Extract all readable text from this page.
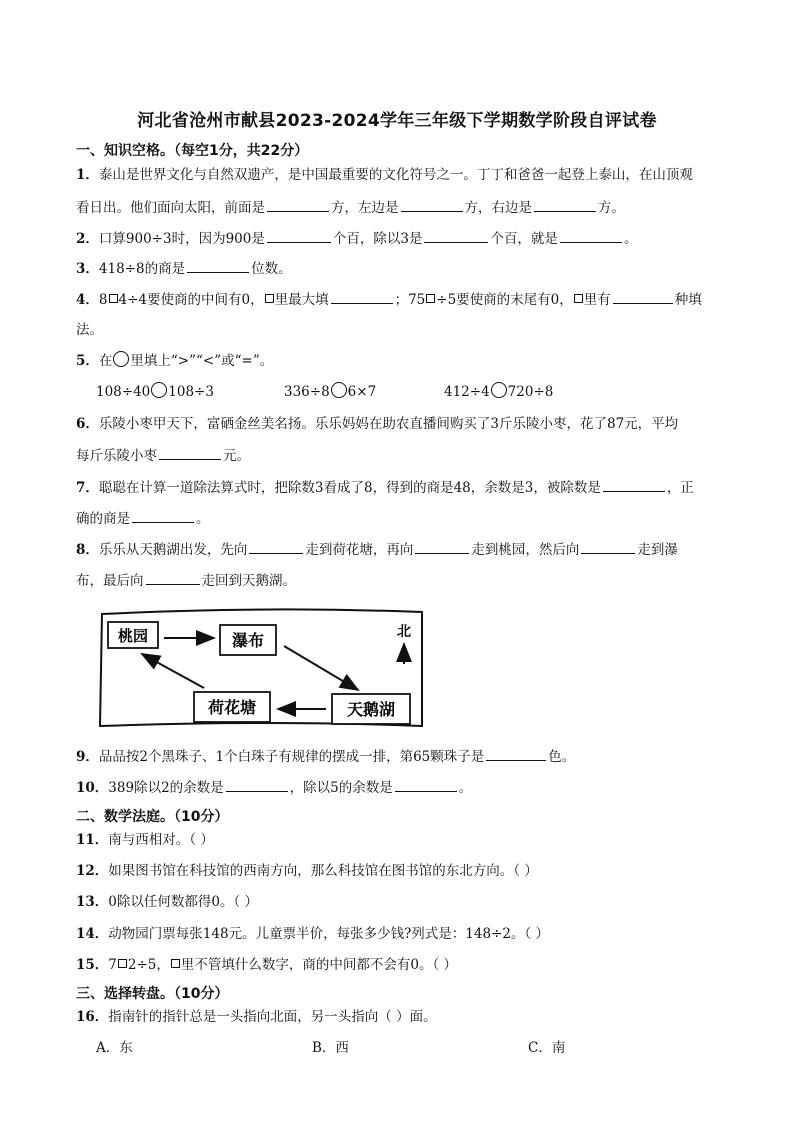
河北省沧州市献县2023-2024学年三年级下学期数学阶段自评试卷
一、知识空格。（每空1分，共22分）
1．泰山是世界文化与自然双遗产，是中国最重要的文化符号之一。丁丁和爸爸一起登上泰山，在山顶观
看日出。他们面向太阳，前面是	方，左边是	方，右边是	方。
2．口算900÷3时，因为900是	个百，除以3是	个百，就是	。
3．418÷8的商是	位数。
4．8 4÷4要使商的中间有0， 里最大填	；75 ÷5要使商的末尾有0， 里有	种填
法。
5．在 里填上“>”“<”或“=”。
108÷40 108÷3	336÷8 6×7	412÷4 720÷8
6．乐陵小枣甲天下，富硒金丝美名扬。乐乐妈妈在助农直播间购买了3斤乐陵小枣，花了87元，平均
每斤乐陵小枣	元。
7．聪聪在计算一道除法算式时，把除数3看成了8，得到的商是48，余数是3，被除数是	，正
确的商是	。
8．乐乐从天鹅湖出发，先向	走到荷花塘，再向	走到桃园，然后向	走到瀑
布，最后向	走回到天鹅湖。
桃园	瀑布
荷花塘	天鹅湖
北
9．品品按2个黑珠子、1个白珠子有规律的摆成一排，第65颗珠子是	色。
10．389除以2的余数是	，除以5的余数是	。
二、数学法庭。（10分）
11．南与西相对。（ ）
12．如果图书馆在科技馆的西南方向，那么科技馆在图书馆的东北方向。（ ）
13．0除以任何数都得0。（ ）
14．动物园门票每张148元。儿童票半价，每张多少钱?列式是：148÷2。（ ）
15．7 2÷5， 里不管填什么数字，商的中间都不会有0。（ ）
三、选择转盘。（10分）
16．指南针的指针总是一头指向北面，另一头指向（ ）面。
A．东	B．西	C．南
